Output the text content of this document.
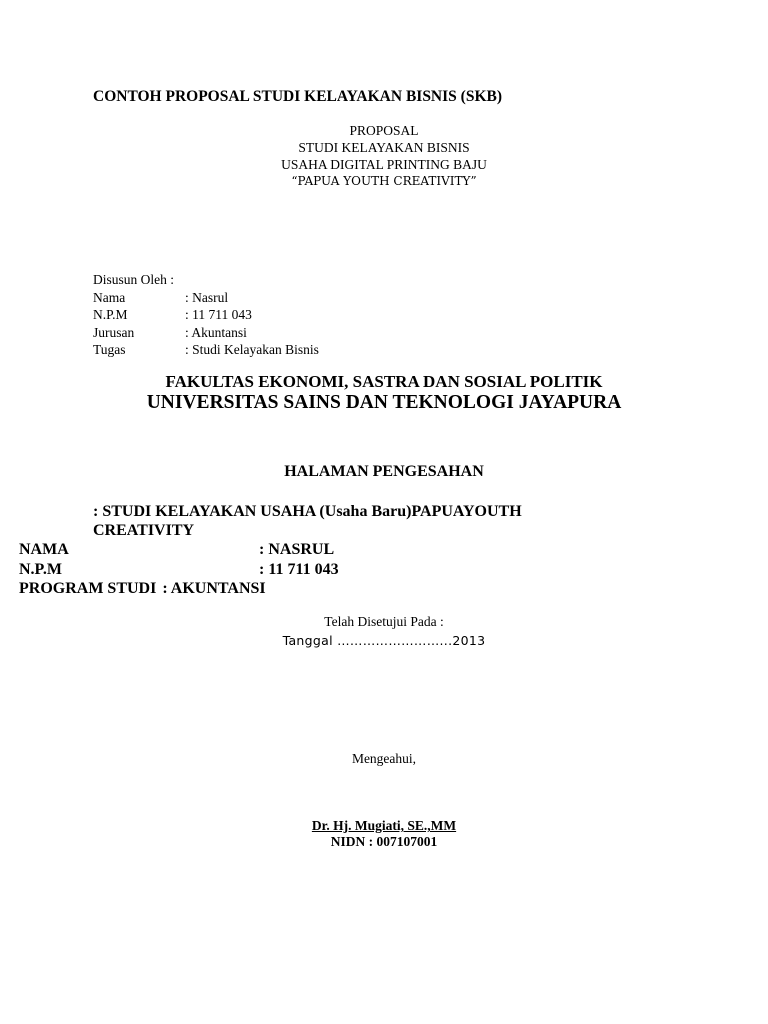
CONTOH PROPOSAL STUDI KELAYAKAN BISNIS (SKB)
PROPOSAL
STUDI KELAYAKAN BISNIS
USAHA DIGITAL PRINTING BAJU
“PAPUA YOUTH CREATIVITY”
Disusun Oleh :
Nama	: Nasrul
N.P.M	: 11 711 043
Jurusan	: Akuntansi
Tugas	: Studi Kelayakan Bisnis
FAKULTAS EKONOMI, SASTRA DAN SOSIAL POLITIK
UNIVERSITAS SAINS DAN TEKNOLOGI JAYAPURA
HALAMAN PENGESAHAN
: STUDI KELAYAKAN USAHA (Usaha Baru)PAPUAYOUTH CREATIVITY
NAMA	: NASRUL
N.P.M	: 11 711 043
PROGRAM STUDI : AKUNTANSI
Telah Disetujui Pada :
Tanggal ……………………...2013
Mengeahui,
Dr. Hj. Mugiati, SE.,MM
NIDN : 007107001
